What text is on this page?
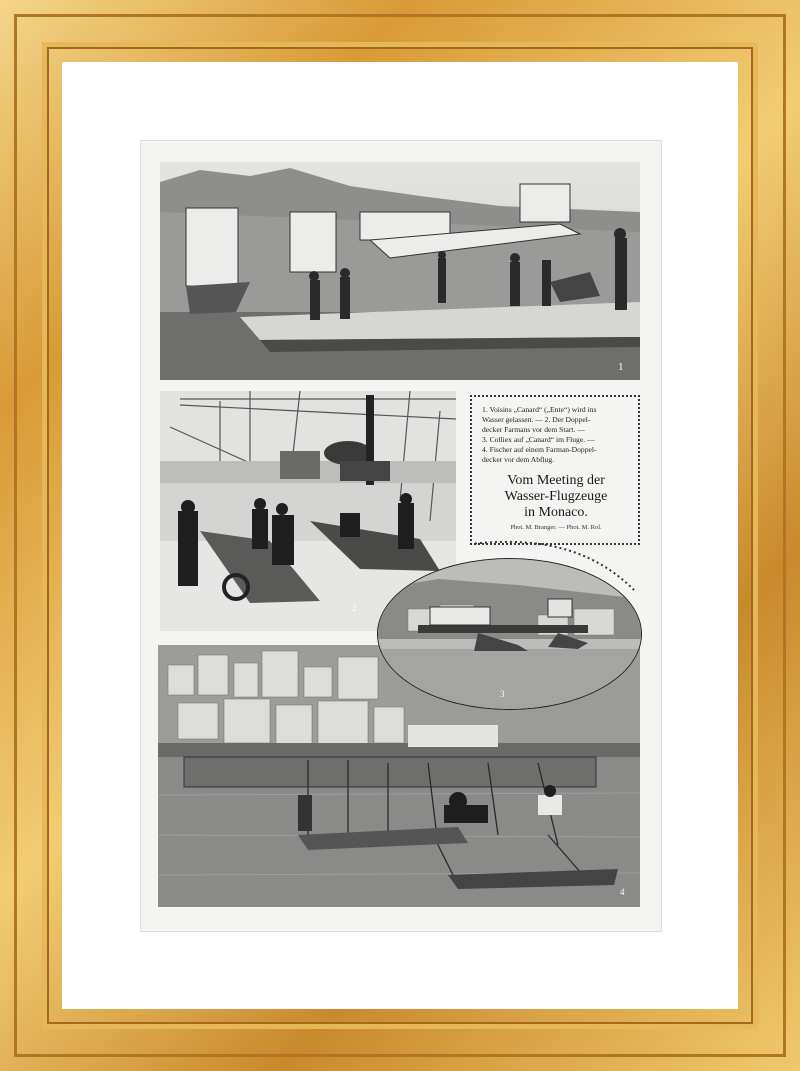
1
2
1. Voisins „Canard“ („Ente“) wird ins
Wasser gelassen. — 2. Der Doppel-
decker Farmans vor dem Start. —
3. Colliex auf „Canard“ im Fluge. —
4. Fischer auf einem Farman-Doppel-
decker vor dem Abflug.
Vom Meeting der
Wasser-Flugzeuge
in Monaco.
Phot. M. Branger. — Phot. M. Rol.
4
3
